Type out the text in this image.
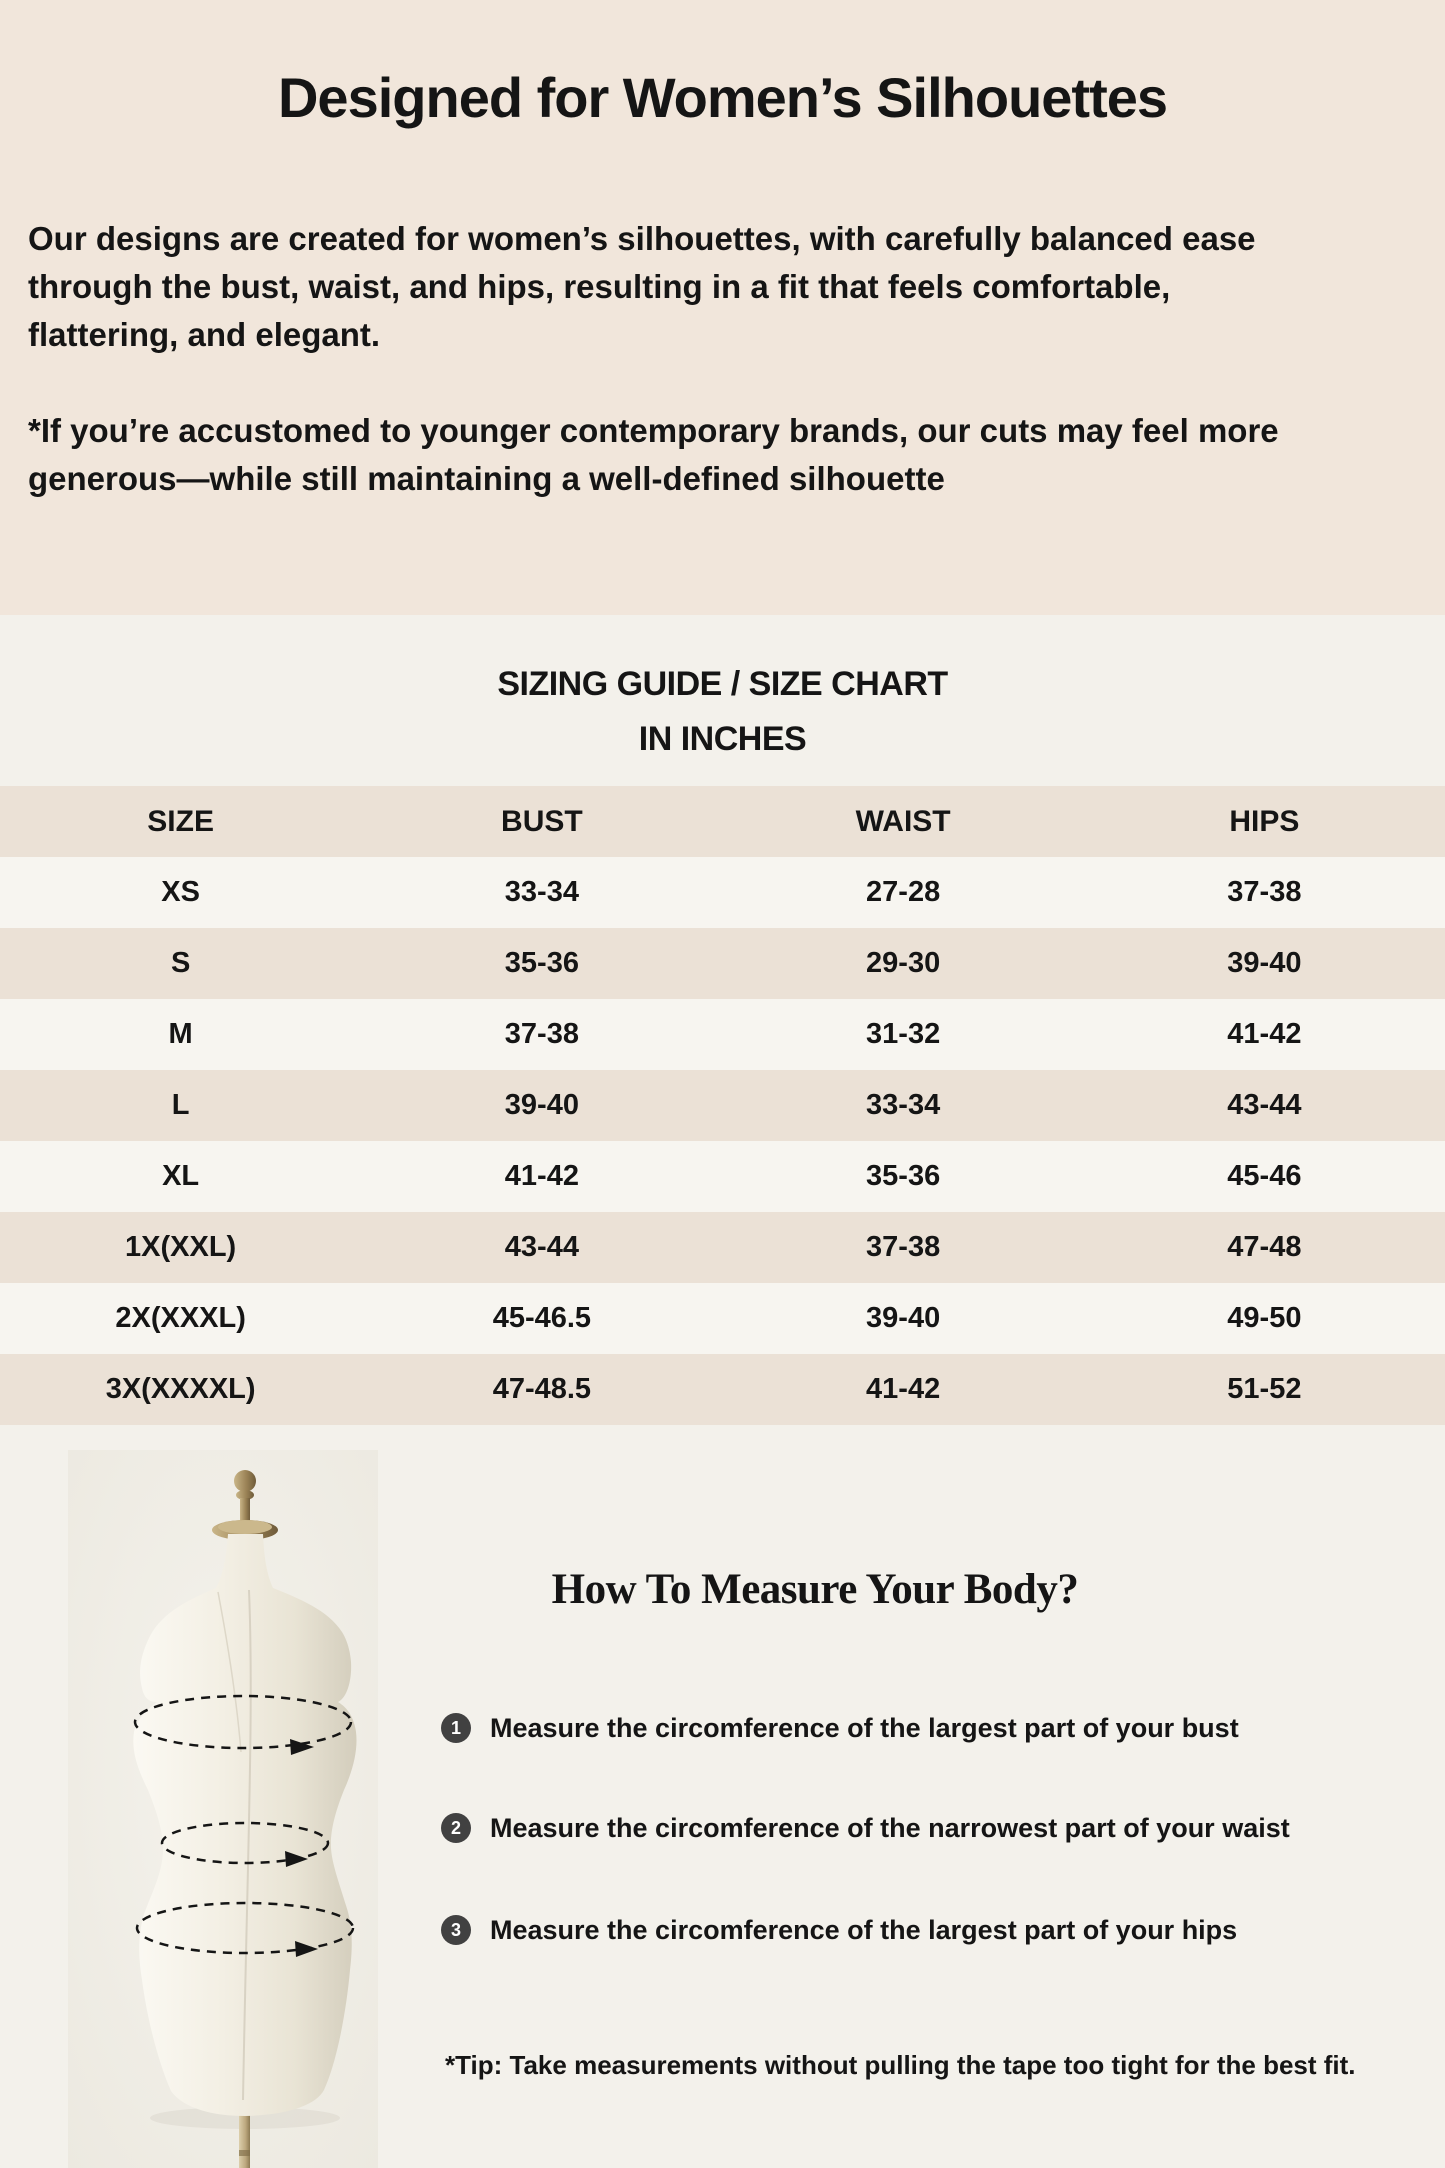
Designed for Women’s Silhouettes
Our designs are created for women’s silhouettes, with carefully balanced ease
through the bust, waist, and hips, resulting in a fit that feels comfortable,
flattering, and elegant.
*If you’re accustomed to younger contemporary brands, our cuts may feel more
generous—while still maintaining a well-defined silhouette
SIZING GUIDE / SIZE CHART
IN INCHES
SIZE	BUST	WAIST	HIPS
XS	33-34	27-28	37-38
S	35-36	29-30	39-40
M	37-38	31-32	41-42
L	39-40	33-34	43-44
XL	41-42	35-36	45-46
1X(XXL)	43-44	37-38	47-48
2X(XXXL)	45-46.5	39-40	49-50
3X(XXXXL)	47-48.5	41-42	51-52
How To Measure Your Body?
1	Measure the circomference of the largest part of your bust
2	Measure the circomference of the narrowest part of your waist
3	Measure the circomference of the largest part of your hips
*Tip: Take measurements without pulling the tape too tight for the best fit.
